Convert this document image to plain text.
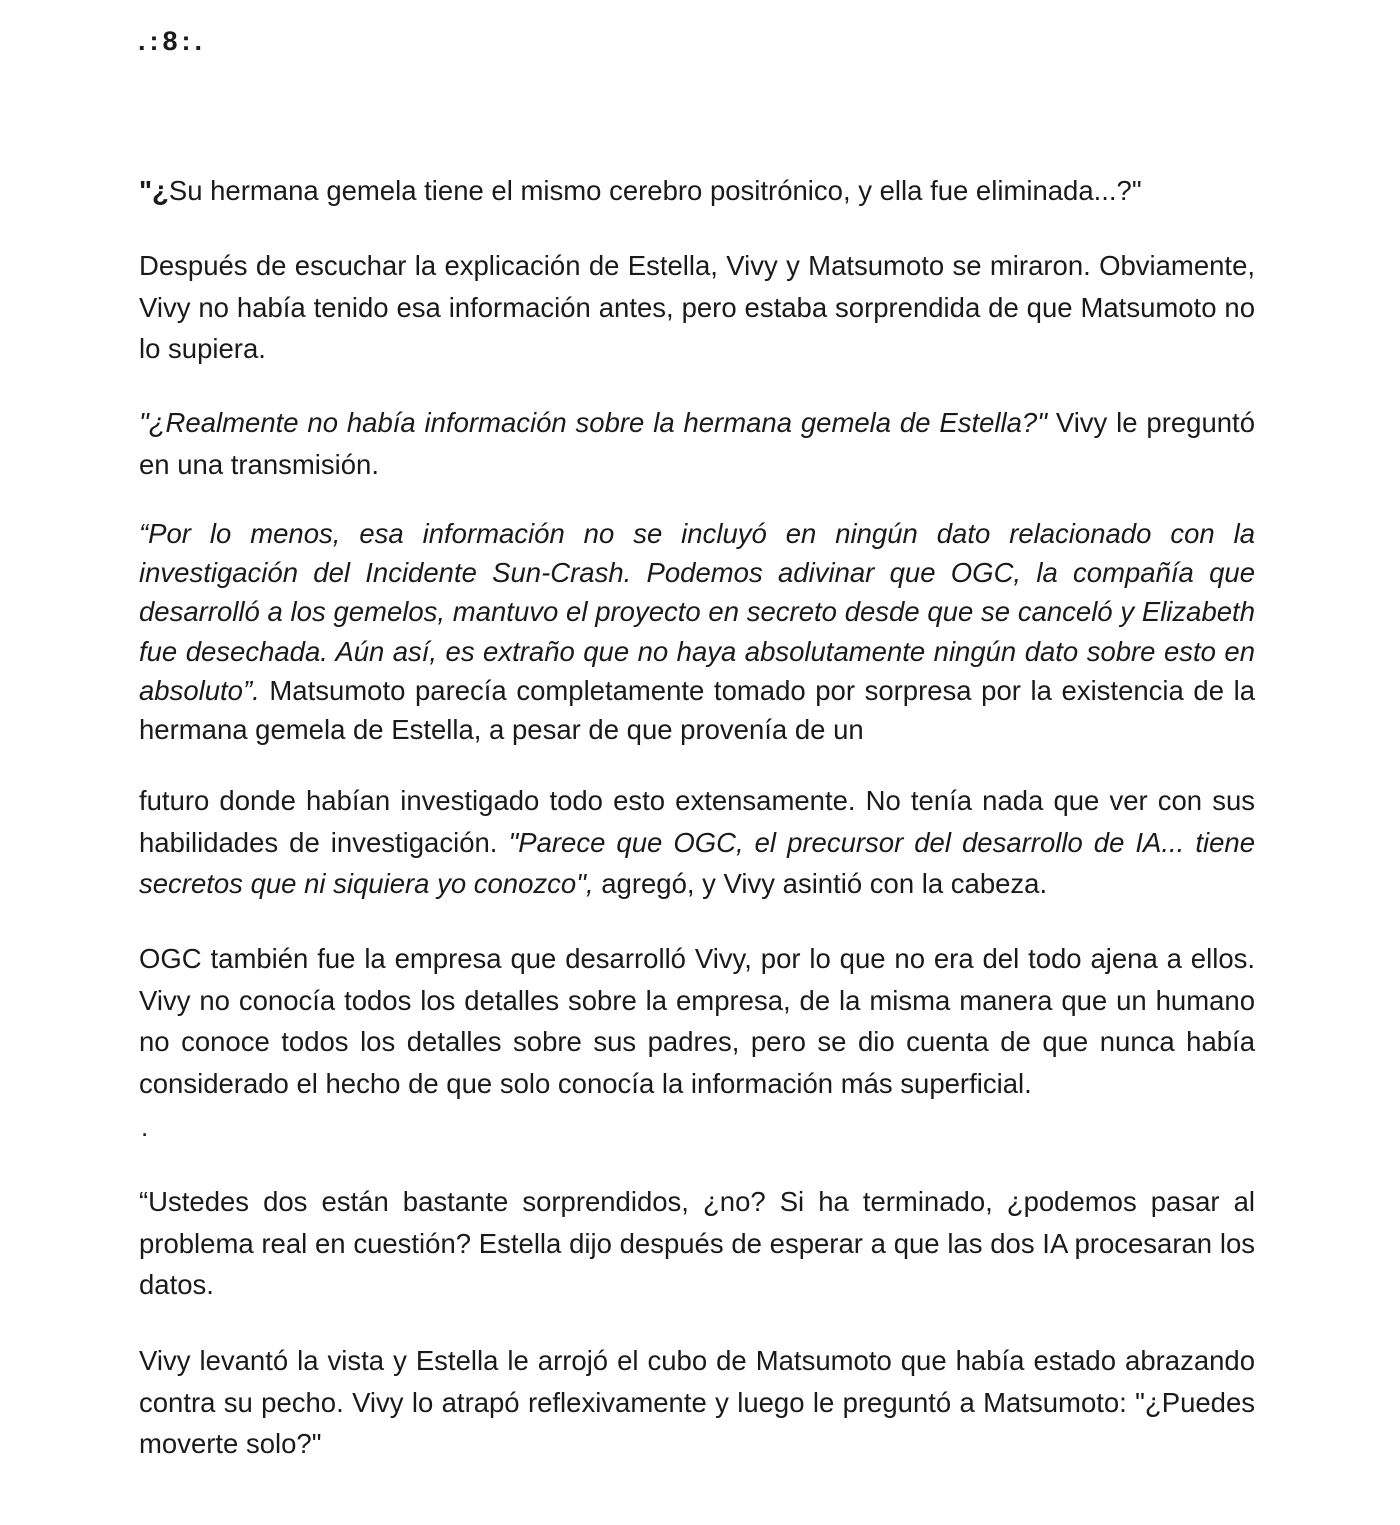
.:8:.

"¿Su hermana gemela tiene el mismo cerebro positrónico, y ella fue eliminada...?"

Después de escuchar la explicación de Estella, Vivy y Matsumoto se miraron. Obviamente, Vivy no había tenido esa información antes, pero estaba sorprendida de que Matsumoto no lo supiera.

"¿Realmente no había información sobre la hermana gemela de Estella?" Vivy le preguntó en una transmisión.

“Por lo menos, esa información no se incluyó en ningún dato relacionado con la investigación del Incidente Sun-Crash. Podemos adivinar que OGC, la compañía que desarrolló a los gemelos, mantuvo el proyecto en secreto desde que se canceló y Elizabeth fue desechada. Aún así, es extraño que no haya absolutamente ningún dato sobre esto en absoluto”. Matsumoto parecía completamente tomado por sorpresa por la existencia de la hermana gemela de Estella, a pesar de que provenía de un

futuro donde habían investigado todo esto extensamente. No tenía nada que ver con sus habilidades de investigación. "Parece que OGC, el precursor del desarrollo de IA... tiene secretos que ni siquiera yo conozco", agregó, y Vivy asintió con la cabeza.

OGC también fue la empresa que desarrolló Vivy, por lo que no era del todo ajena a ellos. Vivy no conocía todos los detalles sobre la empresa, de la misma manera que un humano no conoce todos los detalles sobre sus padres, pero se dio cuenta de que nunca había considerado el hecho de que solo conocía la información más superficial.

.

“Ustedes dos están bastante sorprendidos, ¿no? Si ha terminado, ¿podemos pasar al problema real en cuestión? Estella dijo después de esperar a que las dos IA procesaran los datos.

Vivy levantó la vista y Estella le arrojó el cubo de Matsumoto que había estado abrazando contra su pecho. Vivy lo atrapó reflexivamente y luego le preguntó a Matsumoto: "¿Puedes moverte solo?"
